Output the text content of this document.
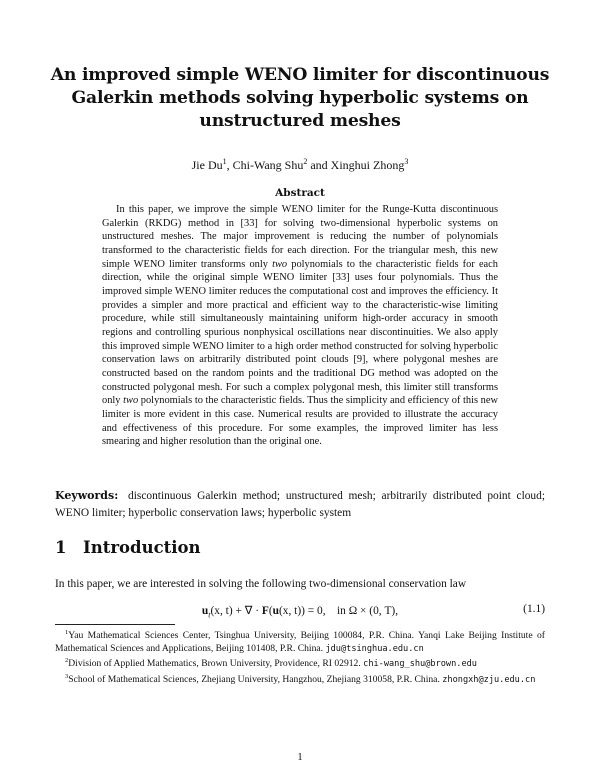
An improved simple WENO limiter for discontinuous
Galerkin methods solving hyperbolic systems on
unstructured meshes
Jie Du$^1$, Chi-Wang Shu$^2$ and Xinghui Zhong$^3$
Abstract
In this paper, we improve the simple WENO limiter for the Runge-Kutta discontinuous Galerkin (RKDG) method in [33] for solving two-dimensional hyperbolic systems on unstructured meshes. The major improvement is reducing the number of polynomials transformed to the characteristic fields for each direction. For the triangular mesh, this new simple WENO limiter transforms only two polynomials to the characteristic fields for each direction, while the original simple WENO limiter [33] uses four polynomials. Thus the improved simple WENO limiter reduces the computational cost and improves the efficiency. It provides a simpler and more practical and efficient way to the characteristic-wise limiting procedure, while still simultaneously maintaining uniform high-order accuracy in smooth regions and controlling spurious nonphysical oscillations near discontinuities. We also apply this improved simple WENO limiter to a high order method constructed for solving hyperbolic conservation laws on arbitrarily distributed point clouds [9], where polygonal meshes are constructed based on the random points and the traditional DG method was adopted on the constructed polygonal mesh. For such a complex polygonal mesh, this limiter still transforms only two polynomials to the characteristic fields. Thus the simplicity and efficiency of this new limiter is more evident in this case. Numerical results are provided to illustrate the accuracy and effectiveness of this procedure. For some examples, the improved limiter has less smearing and higher resolution than the original one.
Keywords: discontinuous Galerkin method; unstructured mesh; arbitrarily distributed point cloud; WENO limiter; hyperbolic conservation laws; hyperbolic system
1 Introduction
In this paper, we are interested in solving the following two-dimensional conservation law
$u_t(x$, t) + ∇ · F(u(x, t)) = 0, in Ω × (0, T),	(1.1)

$^1$Yau Mathematical Sciences Center, Tsinghua University, Beijing 100084, P.R. China. Yanqi Lake Beijing Institute of Mathematical Sciences and Applications, Beijing 101408, P.R. China. jdu@tsinghua.edu.cn

$^2$Division of Applied Mathematics, Brown University, Providence, RI 02912. chi-wang_shu@brown.edu

$^3$School of Mathematical Sciences, Zhejiang University, Hangzhou, Zhejiang 310058, P.R. China. zhongxh@zju.edu.cn

1
